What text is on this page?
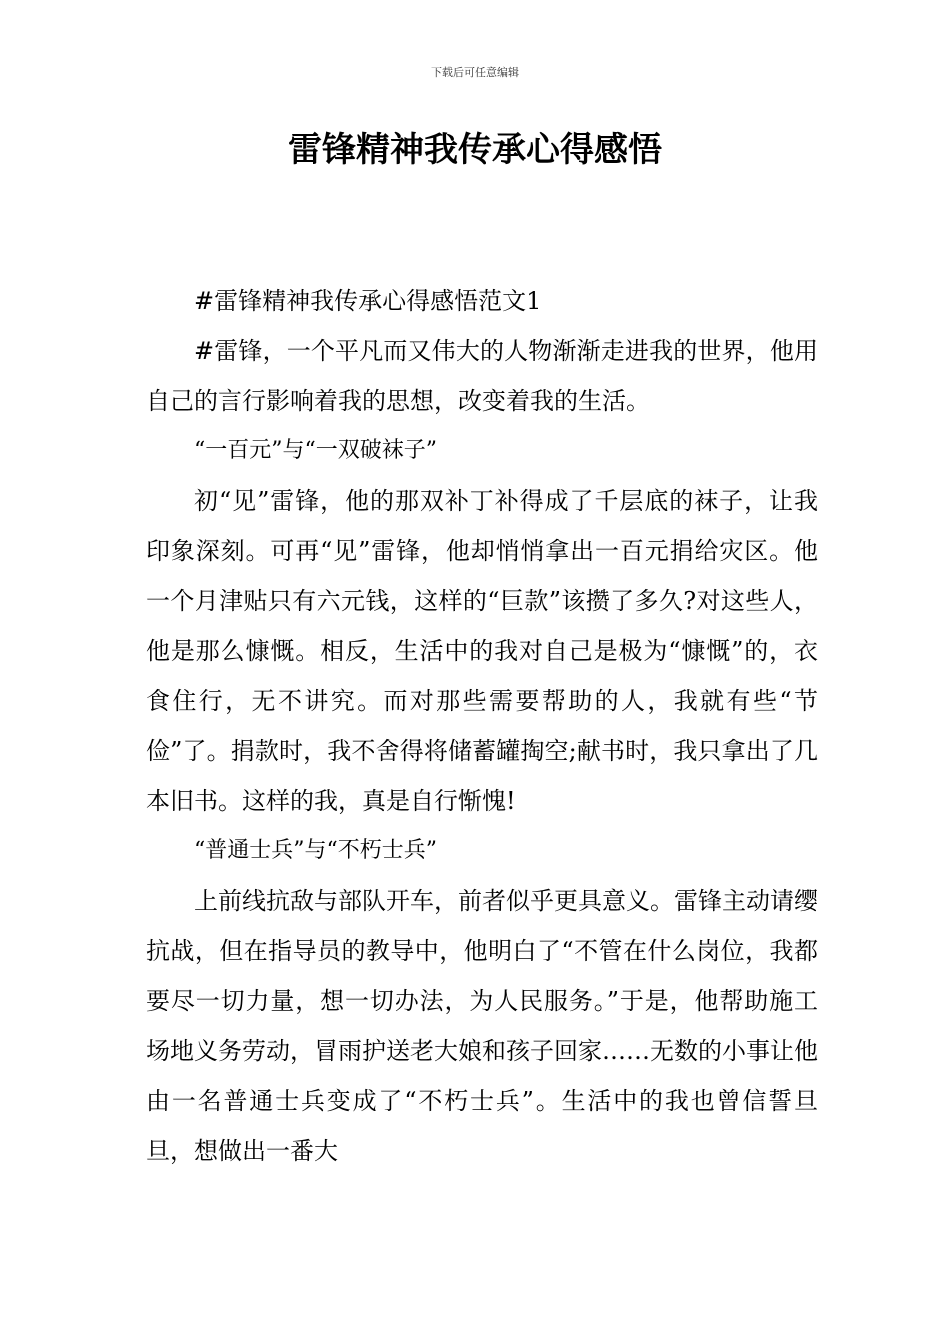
下载后可任意编辑
雷锋精神我传承心得感悟

#雷锋精神我传承心得感悟范文1

#雷锋，一个平凡而又伟大的人物渐渐走进我的世界，他用自己的言行影响着我的思想，改变着我的生活。

“一百元”与“一双破袜子”

初“见”雷锋，他的那双补丁补得成了千层底的袜子，让我印象深刻。可再“见”雷锋，他却悄悄拿出一百元捐给灾区。他一个月津贴只有六元钱，这样的“巨款”该攒了多久?对这些人，他是那么慷慨。相反，生活中的我对自己是极为“慷慨”的，衣食住行，无不讲究。而对那些需要帮助的人，我就有些“节俭”了。捐款时，我不舍得将储蓄罐掏空;献书时，我只拿出了几本旧书。这样的我，真是自行惭愧!

“普通士兵”与“不朽士兵”

上前线抗敌与部队开车，前者似乎更具意义。雷锋主动请缨抗战，但在指导员的教导中，他明白了“不管在什么岗位，我都要尽一切力量，想一切办法，为人民服务。”于是，他帮助施工场地义务劳动，冒雨护送老大娘和孩子回家……无数的小事让他由一名普通士兵变成了“不朽士兵”。生活中的我也曾信誓旦旦，想做出一番大
